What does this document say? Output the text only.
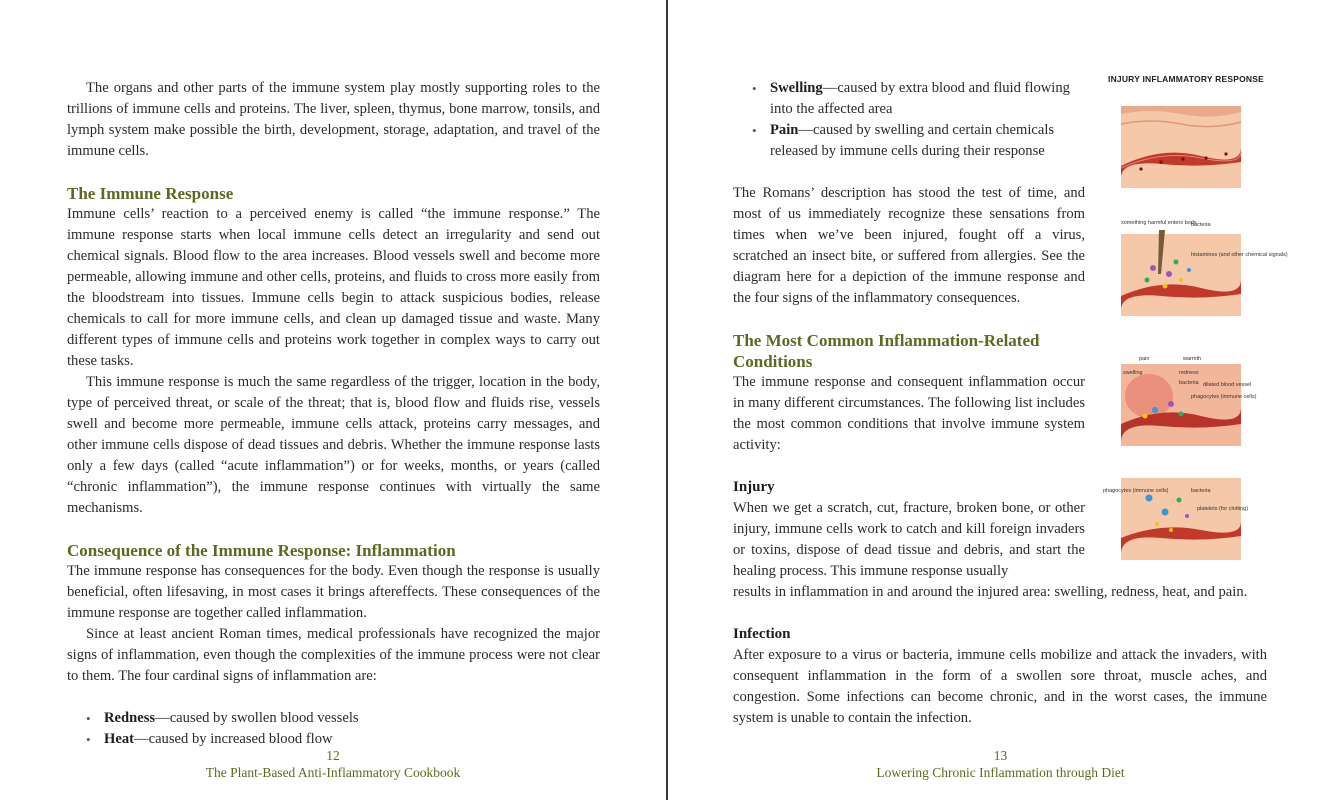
The organs and other parts of the immune system play mostly supporting roles to the trillions of immune cells and proteins. The liver, spleen, thymus, bone marrow, tonsils, and lymph system make possible the birth, development, storage, adaptation, and travel of the immune cells.

The Immune Response

Immune cells’ reaction to a perceived enemy is called “the immune response.” The immune response starts when local immune cells detect an irregularity and send out chemical signals. Blood flow to the area increases. Blood vessels swell and become more permeable, allowing immune and other cells, proteins, and fluids to cross more easily from the bloodstream into tissues. Immune cells begin to attack suspicious bodies, release chemicals to call for more immune cells, and clean up damaged tissue and waste. Many different types of immune cells and proteins work together in complex ways to carry out these tasks.

This immune response is much the same regardless of the trigger, location in the body, type of perceived threat, or scale of the threat; that is, blood flow and fluids rise, vessels swell and become more permeable, immune cells attack, proteins carry messages, and other immune cells dispose of dead tissues and debris. Whether the immune response lasts only a few days (called “acute inflammation”) or for weeks, months, or years (called “chronic inflammation”), the immune response continues with virtually the same mechanisms.

Consequence of the Immune Response: Inflammation

The immune response has consequences for the body. Even though the response is usually beneficial, often lifesaving, in most cases it brings aftereffects. These consequences of the immune response are together called inflammation.

Since at least ancient Roman times, medical professionals have recognized the major signs of inflammation, even though the complexities of the immune process were not clear to them. The four cardinal signs of inflammation are:

• Redness—caused by swollen blood vessels
• Heat—caused by increased blood flow
12
The Plant-Based Anti-Inflammatory Cookbook
• Swelling—caused by extra blood and fluid flowing into the affected area
• Pain—caused by swelling and certain chemicals released by immune cells during their response

The Romans’ description has stood the test of time, and most of us immediately recognize these sensations from times when we’ve been injured, fought off a virus, scratched an insect bite, or suffered from allergies. See the diagram here for a depiction of the immune response and the four signs of the inflammatory consequences.

The Most Common Inflammation-Related Conditions

The immune response and consequent inflammation occur in many different circumstances. The following list includes the most common conditions that involve immune system activity:

Injury

When we get a scratch, cut, fracture, broken bone, or other injury, immune cells work to catch and kill foreign invaders or toxins, dispose of dead tissue and debris, and start the healing process. This immune response usually

results in inflammation in and around the injured area: swelling, redness, heat, and pain.

Infection

After exposure to a virus or bacteria, immune cells mobilize and attack the invaders, with consequent inflammation in the form of a swollen sore throat, muscle aches, and congestion. Some infections can become chronic, and in the worst cases, the immune system is unable to contain the infection.

INJURY INFLAMMATORY RESPONSE
something harmful enters body
bacteria
histamines (and other chemical signals)
pain	warmth
swelling	redness
bacteria dilated blood vessel
phagocytes (immune cells)
phagocytes (immune cells)	bacteria
platelets (for clotting)
13
Lowering Chronic Inflammation through Diet
